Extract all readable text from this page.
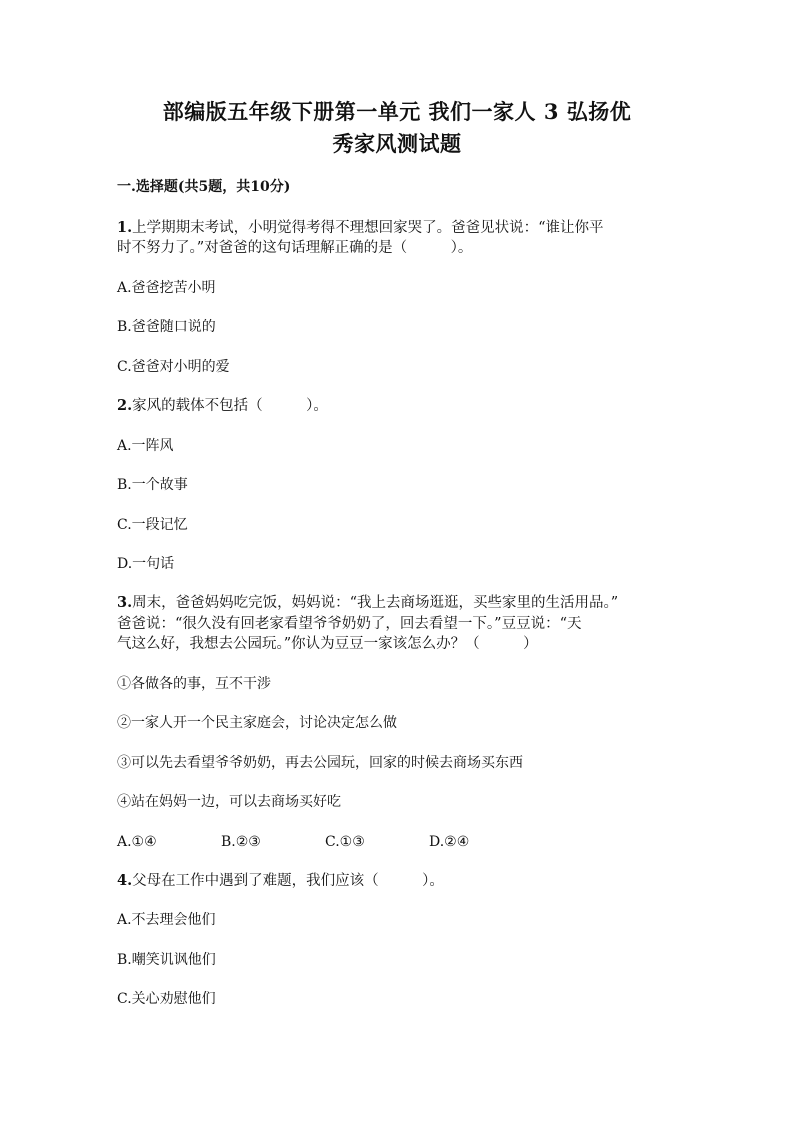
部编版五年级下册第一单元 我们一家人 3 弘扬优
秀家风测试题
一.选择题(共5题，共10分)
1.上学期期末考试，小明觉得考得不理想回家哭了。爸爸见状说：“谁让你平
时不努力了。”对爸爸的这句话理解正确的是（　　　）。
A.爸爸挖苦小明
B.爸爸随口说的
C.爸爸对小明的爱
2.家风的载体不包括（　　　）。
A.一阵风
B.一个故事
C.一段记忆
D.一句话
3.周末，爸爸妈妈吃完饭，妈妈说：“我上去商场逛逛，买些家里的生活用品。”
爸爸说：“很久没有回老家看望爷爷奶奶了，回去看望一下。”豆豆说：“天
气这么好，我想去公园玩。”你认为豆豆一家该怎么办？（　　　）
①各做各的事，互不干涉
②一家人开一个民主家庭会，讨论决定怎么做
③可以先去看望爷爷奶奶，再去公园玩，回家的时候去商场买东西
④站在妈妈一边，可以去商场买好吃
A.①④	B.②③	C.①③	D.②④
4.父母在工作中遇到了难题，我们应该（　　　）。
A.不去理会他们
B.嘲笑讥讽他们
C.关心劝慰他们
